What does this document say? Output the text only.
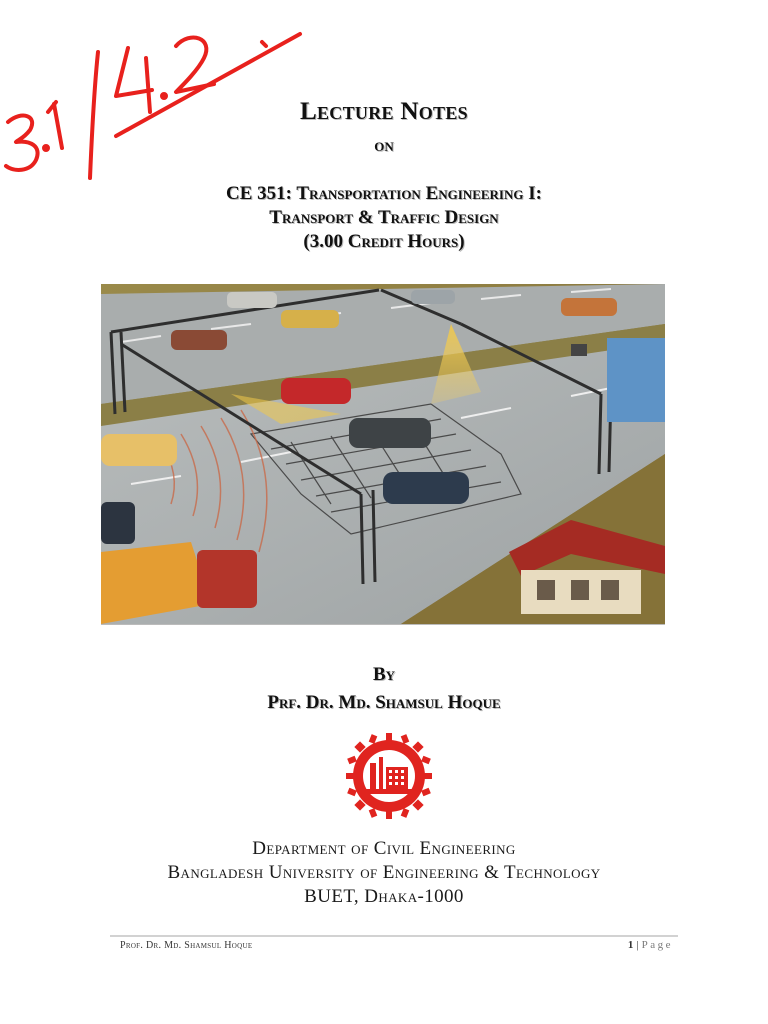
Lecture Notes
on
CE 351: Transportation Engineering I:
Transport & Traffic Design
(3.00 Credit Hours)
By
Prf. Dr. Md. Shamsul Hoque
Department of Civil Engineering
Bangladesh University of Engineering & Technology
BUET, Dhaka-1000
Prof. Dr. Md. Shamsul Hoque	1 | Page
